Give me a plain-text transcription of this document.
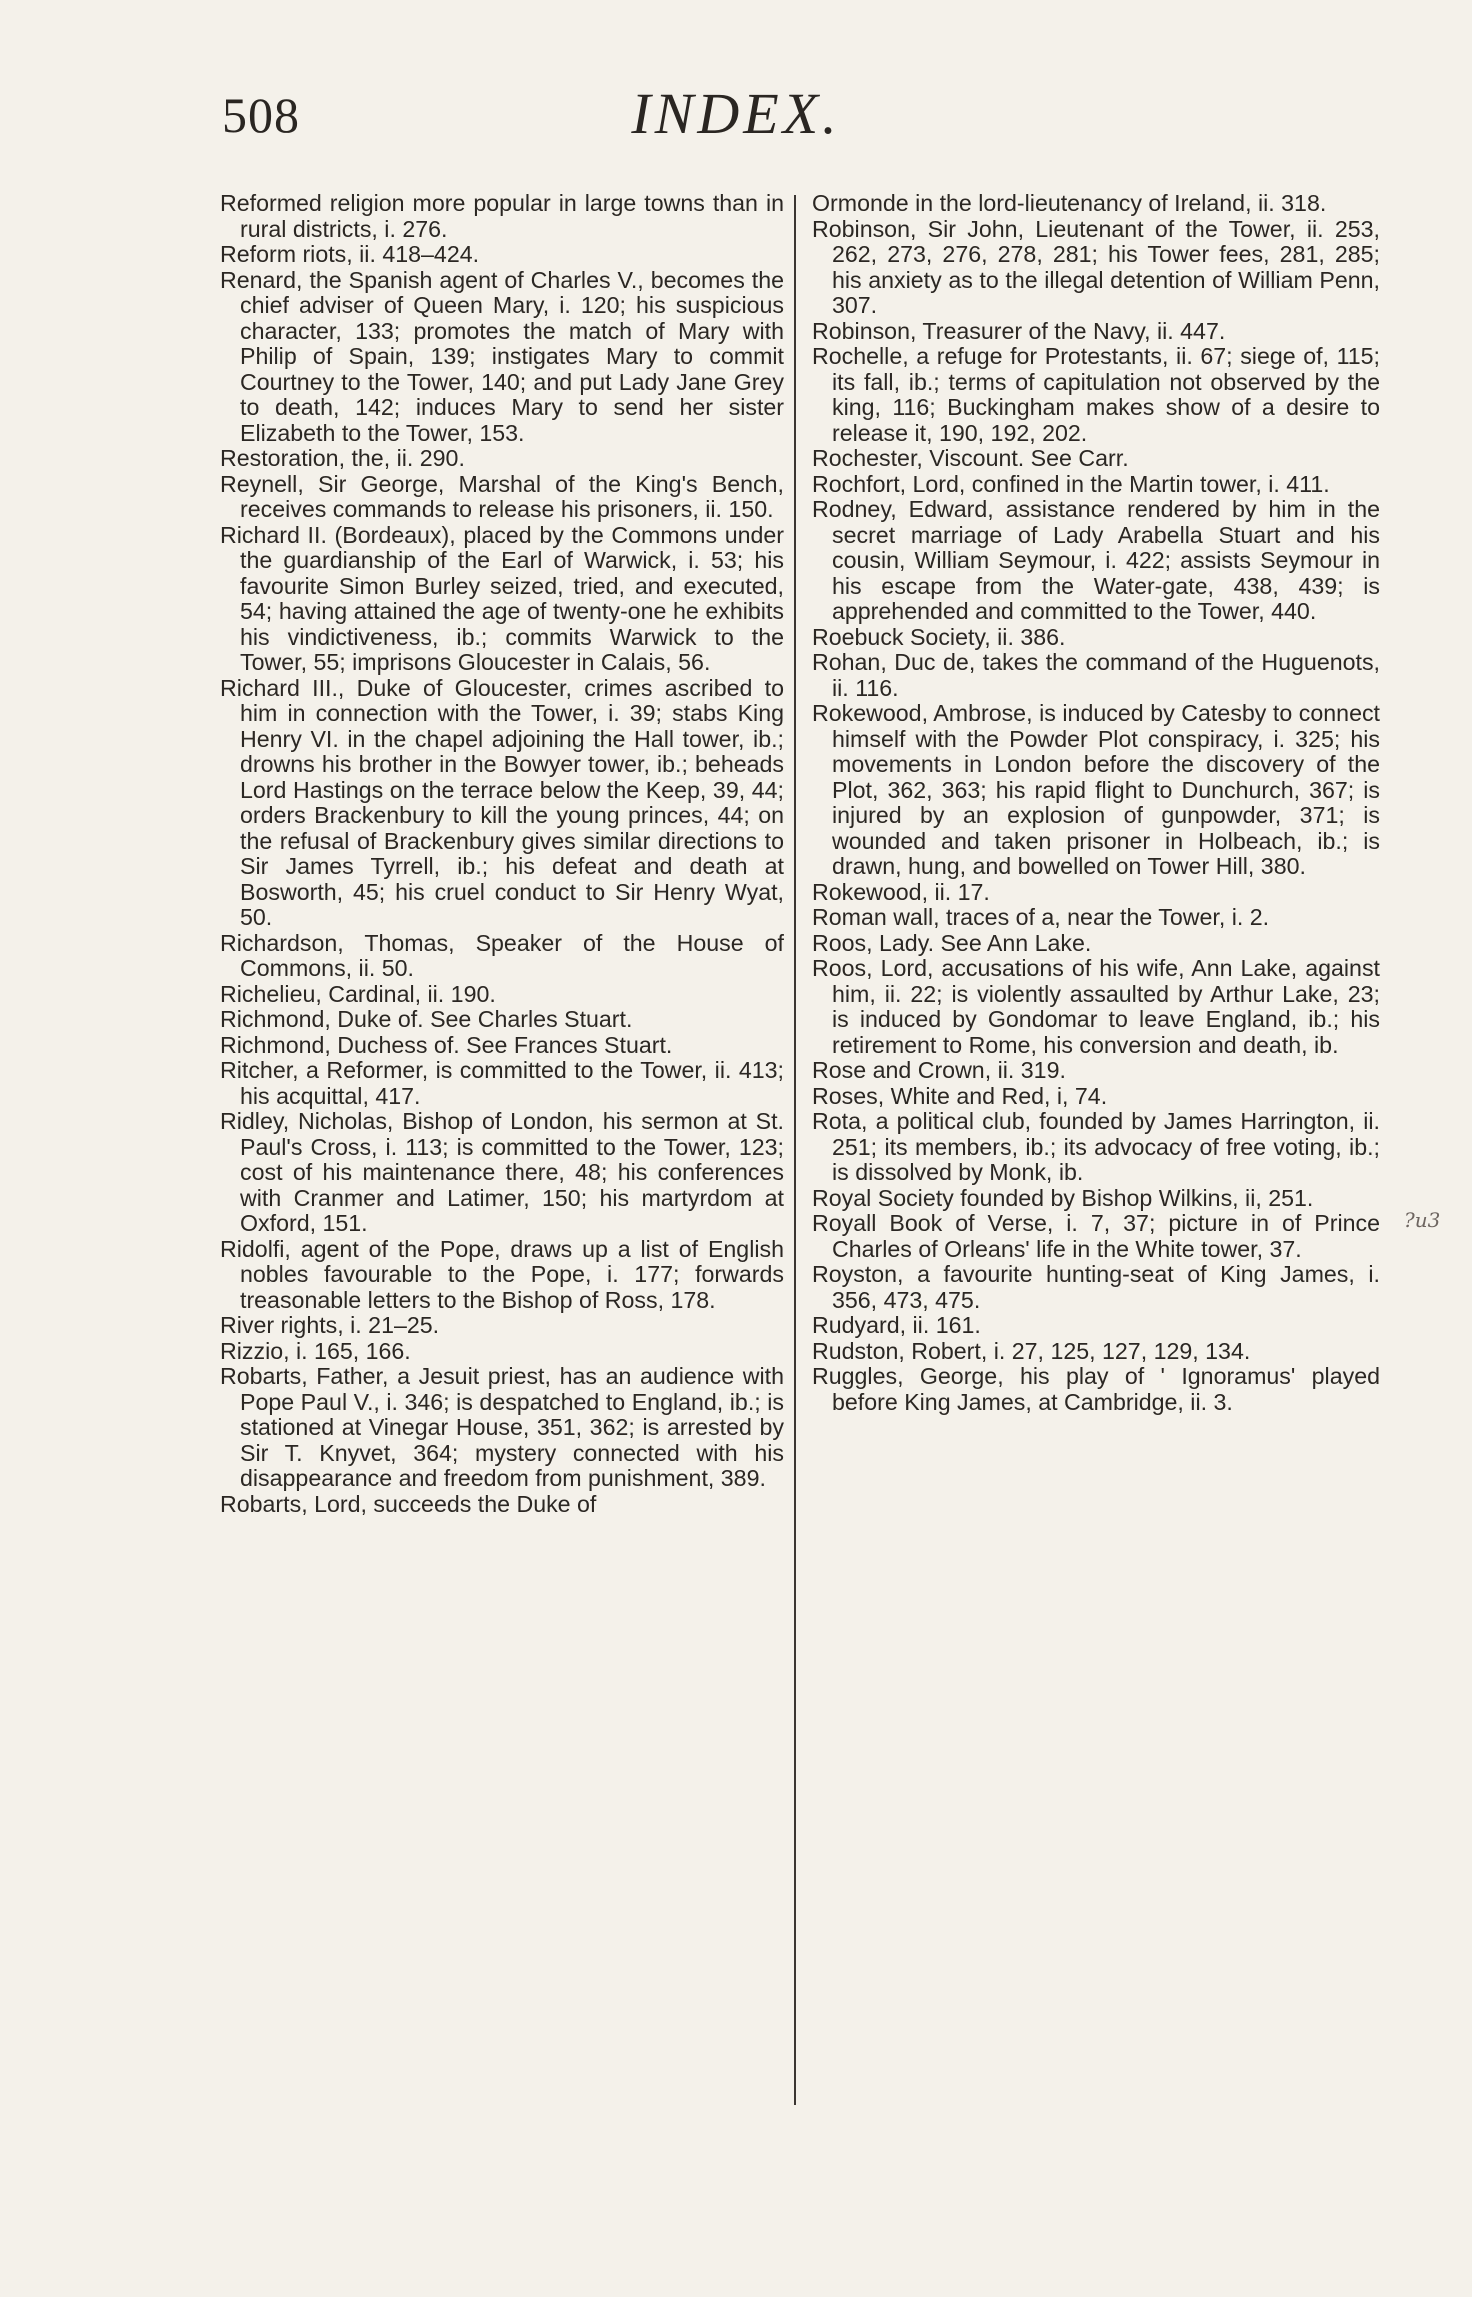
508	INDEX.

Reformed religion more popular in large towns than in rural districts, i. 276.

Reform riots, ii. 418–424.

Renard, the Spanish agent of Charles V., becomes the chief adviser of Queen Mary, i. 120; his suspicious character, 133; promotes the match of Mary with Philip of Spain, 139; instigates Mary to commit Courtney to the Tower, 140; and put Lady Jane Grey to death, 142; induces Mary to send her sister Elizabeth to the Tower, 153.

Restoration, the, ii. 290.

Reynell, Sir George, Marshal of the King's Bench, receives commands to release his prisoners, ii. 150.

Richard II. (Bordeaux), placed by the Commons under the guardianship of the Earl of Warwick, i. 53; his favourite Simon Burley seized, tried, and executed, 54; having attained the age of twenty-one he exhibits his vindictiveness, ib.; commits Warwick to the Tower, 55; imprisons Gloucester in Calais, 56.

Richard III., Duke of Gloucester, crimes ascribed to him in connection with the Tower, i. 39; stabs King Henry VI. in the chapel adjoining the Hall tower, ib.; drowns his brother in the Bowyer tower, ib.; beheads Lord Hastings on the terrace below the Keep, 39, 44; orders Brackenbury to kill the young princes, 44; on the refusal of Brackenbury gives similar directions to Sir James Tyrrell, ib.; his defeat and death at Bosworth, 45; his cruel conduct to Sir Henry Wyat, 50.

Richardson, Thomas, Speaker of the House of Commons, ii. 50.

Richelieu, Cardinal, ii. 190.

Richmond, Duke of. See Charles Stuart.

Richmond, Duchess of. See Frances Stuart.

Ritcher, a Reformer, is committed to the Tower, ii. 413; his acquittal, 417.

Ridley, Nicholas, Bishop of London, his sermon at St. Paul's Cross, i. 113; is committed to the Tower, 123; cost of his maintenance there, 48; his conferences with Cranmer and Latimer, 150; his martyrdom at Oxford, 151.

Ridolfi, agent of the Pope, draws up a list of English nobles favourable to the Pope, i. 177; forwards treasonable letters to the Bishop of Ross, 178.

River rights, i. 21–25.

Rizzio, i. 165, 166.

Robarts, Father, a Jesuit priest, has an audience with Pope Paul V., i. 346; is despatched to England, ib.; is stationed at Vinegar House, 351, 362; is arrested by Sir T. Knyvet, 364; mystery connected with his disappearance and freedom from punishment, 389.

Robarts, Lord, succeeds the Duke of

Ormonde in the lord-lieutenancy of Ireland, ii. 318.

Robinson, Sir John, Lieutenant of the Tower, ii. 253, 262, 273, 276, 278, 281; his Tower fees, 281, 285; his anxiety as to the illegal detention of William Penn, 307.

Robinson, Treasurer of the Navy, ii. 447.

Rochelle, a refuge for Protestants, ii. 67; siege of, 115; its fall, ib.; terms of capitulation not observed by the king, 116; Buckingham makes show of a desire to release it, 190, 192, 202.

Rochester, Viscount. See Carr.

Rochfort, Lord, confined in the Martin tower, i. 411.

Rodney, Edward, assistance rendered by him in the secret marriage of Lady Arabella Stuart and his cousin, William Seymour, i. 422; assists Seymour in his escape from the Water-gate, 438, 439; is apprehended and committed to the Tower, 440.

Roebuck Society, ii. 386.

Rohan, Duc de, takes the command of the Huguenots, ii. 116.

Rokewood, Ambrose, is induced by Catesby to connect himself with the Powder Plot conspiracy, i. 325; his movements in London before the discovery of the Plot, 362, 363; his rapid flight to Dunchurch, 367; is injured by an explosion of gunpowder, 371; is wounded and taken prisoner in Holbeach, ib.; is drawn, hung, and bowelled on Tower Hill, 380.

Rokewood, ii. 17.

Roman wall, traces of a, near the Tower, i. 2.

Roos, Lady. See Ann Lake.

Roos, Lord, accusations of his wife, Ann Lake, against him, ii. 22; is violently assaulted by Arthur Lake, 23; is induced by Gondomar to leave England, ib.; his retirement to Rome, his conversion and death, ib.

Rose and Crown, ii. 319.

Roses, White and Red, i, 74.

Rota, a political club, founded by James Harrington, ii. 251; its members, ib.; its advocacy of free voting, ib.; is dissolved by Monk, ib.

Royal Society founded by Bishop Wilkins, ii, 251.

Royall Book of Verse, i. 7, 37; picture in of Prince Charles of Orleans' life in the White tower, 37.

Royston, a favourite hunting-seat of King James, i. 356, 473, 475.

Rudyard, ii. 161.

Rudston, Robert, i. 27, 125, 127, 129, 134.

Ruggles, George, his play of ' Ignoramus' played before King James, at Cambridge, ii. 3.

?u3
